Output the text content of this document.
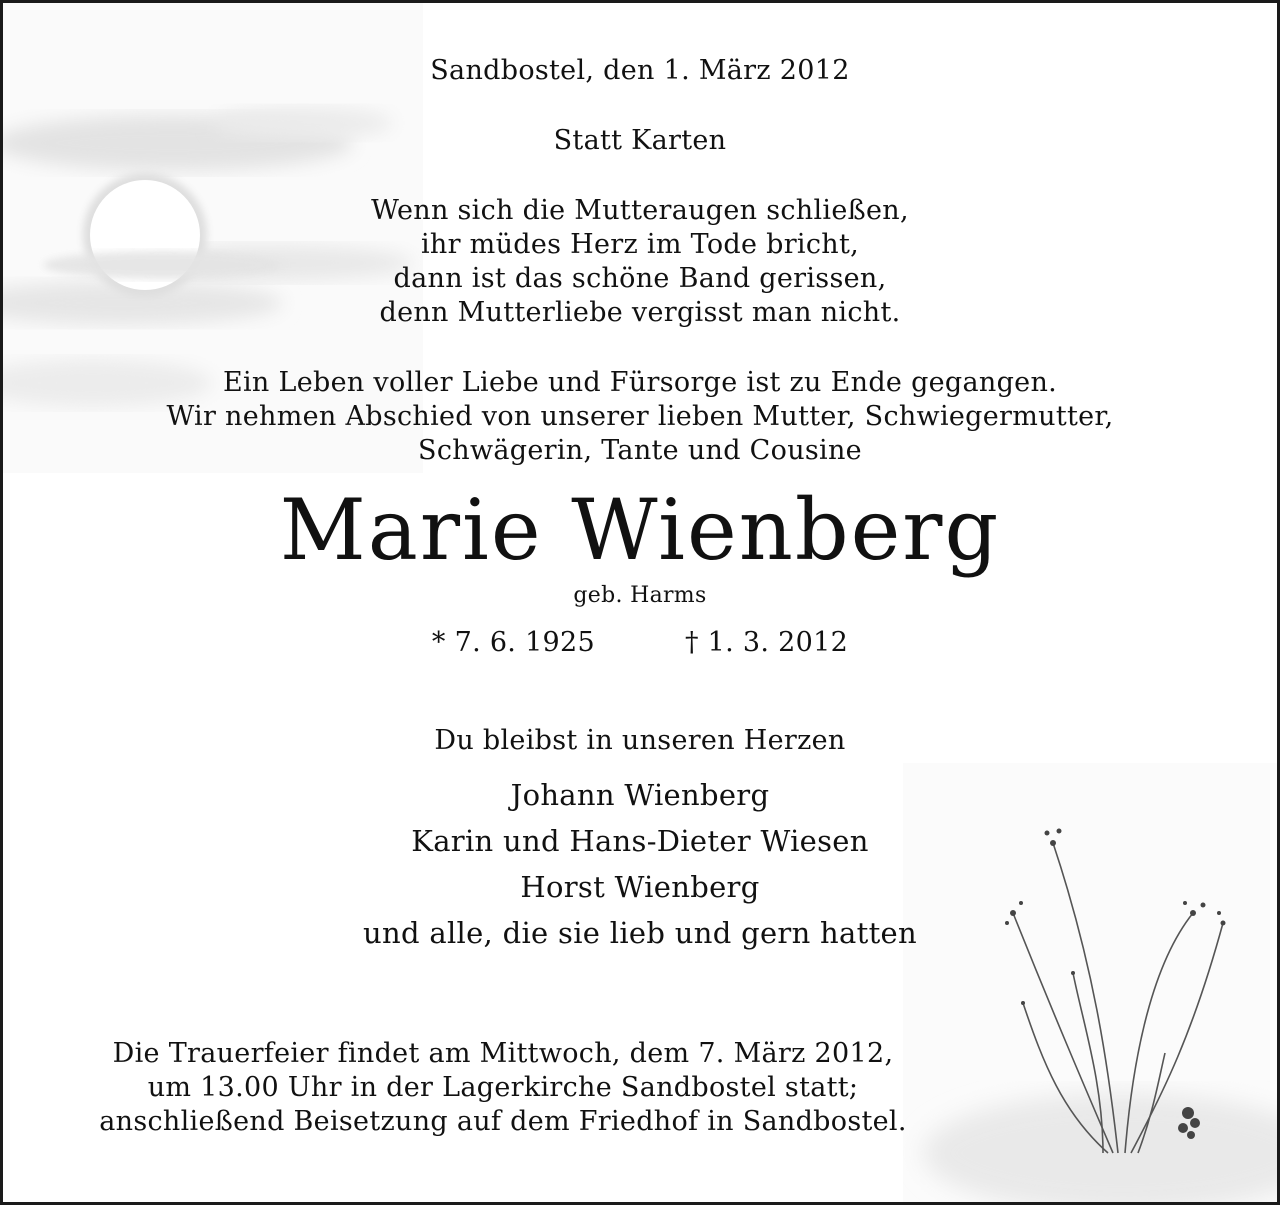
Sandbostel, den 1. März 2012
Statt Karten
Wenn sich die Mutteraugen schließen,
ihr müdes Herz im Tode bricht,
dann ist das schöne Band gerissen,
denn Mutterliebe vergisst man nicht.
Ein Leben voller Liebe und Fürsorge ist zu Ende gegangen.
Wir nehmen Abschied von unserer lieben Mutter, Schwiegermutter,
Schwägerin, Tante und Cousine
Marie Wienberg
geb. Harms
* 7. 6. 1925	† 1. 3. 2012
Du bleibst in unseren Herzen
Johann Wienberg
Karin und Hans-Dieter Wiesen
Horst Wienberg
und alle, die sie lieb und gern hatten
Die Trauerfeier findet am Mittwoch, dem 7. März 2012,
um 13.00 Uhr in der Lagerkirche Sandbostel statt;
anschließend Beisetzung auf dem Friedhof in Sandbostel.
